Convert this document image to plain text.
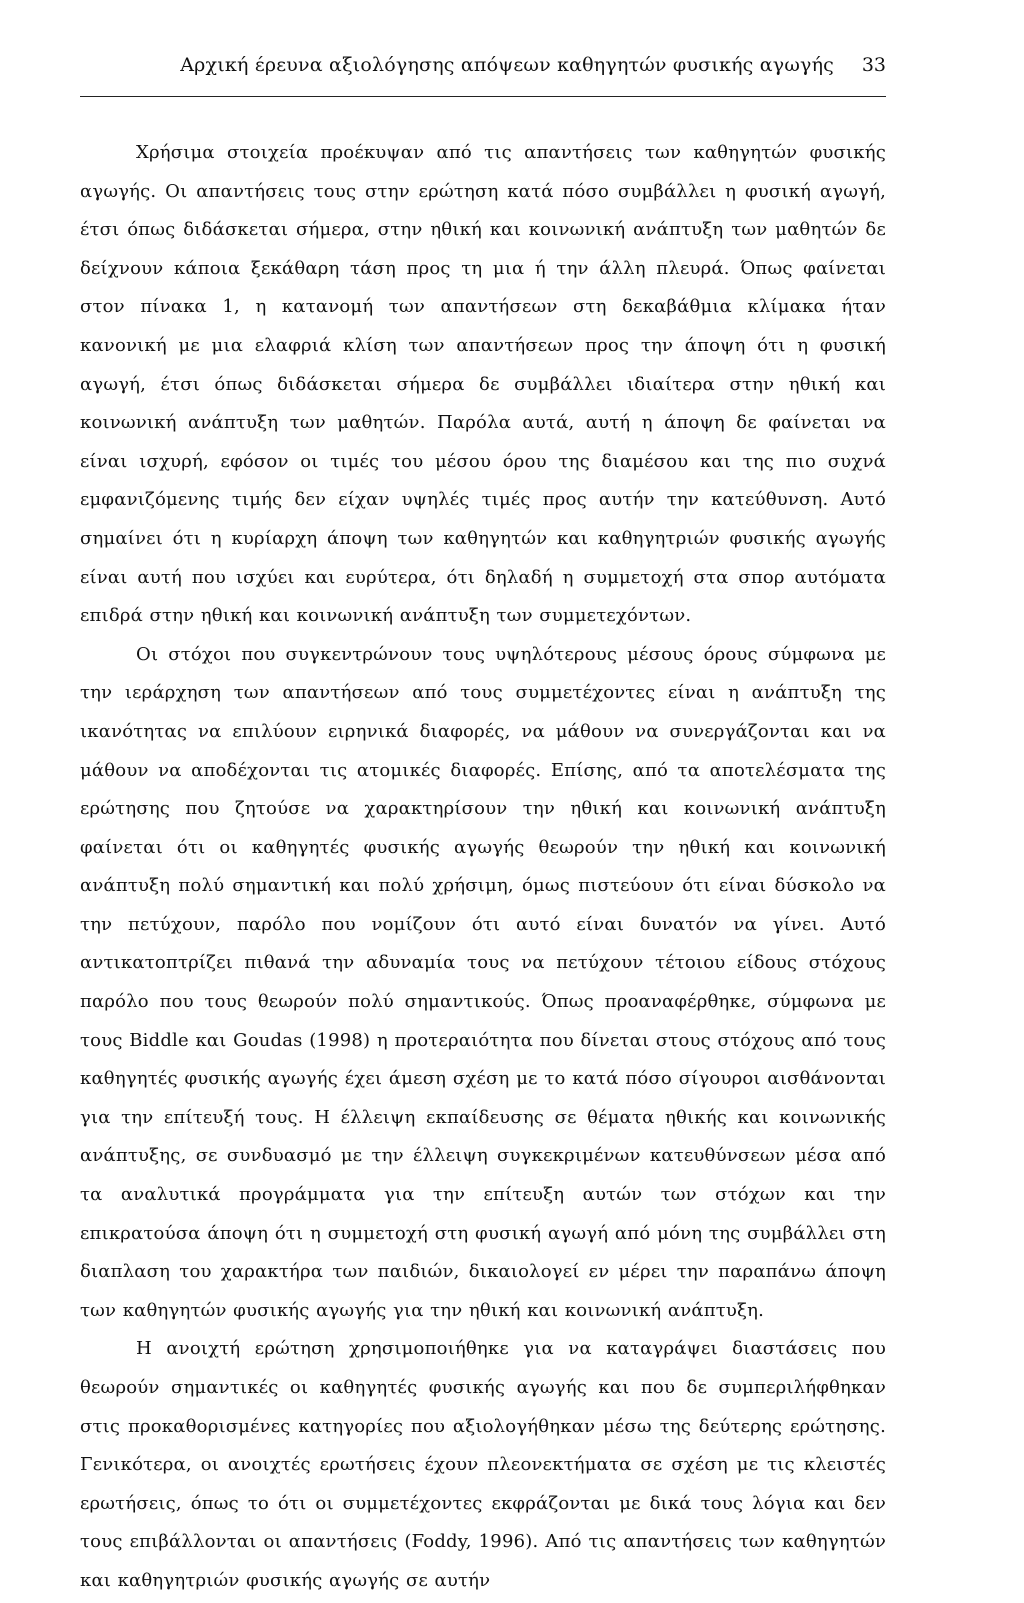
Αρχική έρευνα αξιολόγησης απόψεων καθηγητών φυσικής αγωγής 33

Χρήσιμα στοιχεία προέκυψαν από τις απαντήσεις των καθηγητών φυσικής αγωγής. Οι απαντήσεις τους στην ερώτηση κατά πόσο συμβάλλει η φυσική αγωγή, έτσι όπως διδάσκεται σήμερα, στην ηθική και κοινωνική ανάπτυξη των μαθητών δε δείχνουν κάποια ξεκάθαρη τάση προς τη μια ή την άλλη πλευρά. Όπως φαίνεται στον πίνακα 1, η κατανομή των απαντήσεων στη δεκαβάθμια κλίμακα ήταν κανονική με μια ελαφριά κλίση των απαντήσεων προς την άποψη ότι η φυσική αγωγή, έτσι όπως διδάσκεται σήμερα δε συμβάλλει ιδιαίτερα στην ηθική και κοινωνική ανάπτυξη των μαθητών. Παρόλα αυτά, αυτή η άποψη δε φαίνεται να είναι ισχυρή, εφόσον οι τιμές του μέσου όρου της διαμέσου και της πιο συχνά εμφανιζόμενης τιμής δεν είχαν υψηλές τιμές προς αυτήν την κατεύθυνση. Αυτό σημαίνει ότι η κυρίαρχη άποψη των καθηγητών και καθηγητριών φυσικής αγωγής είναι αυτή που ισχύει και ευρύτερα, ότι δηλαδή η συμμετοχή στα σπορ αυτόματα επιδρά στην ηθική και κοινωνική ανάπτυξη των συμμετεχόντων.

Οι στόχοι που συγκεντρώνουν τους υψηλότερους μέσους όρους σύμφωνα με την ιεράρχηση των απαντήσεων από τους συμμετέχοντες είναι η ανάπτυξη της ικανότητας να επιλύουν ειρηνικά διαφορές, να μάθουν να συνεργάζονται και να μάθουν να αποδέχονται τις ατομικές διαφορές. Επίσης, από τα αποτελέσματα της ερώτησης που ζητούσε να χαρακτηρίσουν την ηθική και κοινωνική ανάπτυξη φαίνεται ότι οι καθηγητές φυσικής αγωγής θεωρούν την ηθική και κοινωνική ανάπτυξη πολύ σημαντική και πολύ χρήσιμη, όμως πιστεύουν ότι είναι δύσκολο να την πετύχουν, παρόλο που νομίζουν ότι αυτό είναι δυνατόν να γίνει. Αυτό αντικατοπτρίζει πιθανά την αδυναμία τους να πετύχουν τέτοιου είδους στόχους παρόλο που τους θεωρούν πολύ σημαντικούς. Όπως προαναφέρθηκε, σύμφωνα με τους Biddle και Goudas (1998) η προτεραιότητα που δίνεται στους στόχους από τους καθηγητές φυσικής αγωγής έχει άμεση σχέση με το κατά πόσο σίγουροι αισθάνονται για την επίτευξή τους. Η έλλειψη εκπαίδευσης σε θέματα ηθικής και κοινωνικής ανάπτυξης, σε συνδυασμό με την έλλειψη συγκεκριμένων κατευθύνσεων μέσα από τα αναλυτικά προγράμματα για την επίτευξη αυτών των στόχων και την επικρατούσα άποψη ότι η συμμετοχή στη φυσική αγωγή από μόνη της συμβάλλει στη διαπλαση του χαρακτήρα των παιδιών, δικαιολογεί εν μέρει την παραπάνω άποψη των καθηγητών φυσικής αγωγής για την ηθική και κοινωνική ανάπτυξη.

Η ανοιχτή ερώτηση χρησιμοποιήθηκε για να καταγράψει διαστάσεις που θεωρούν σημαντικές οι καθηγητές φυσικής αγωγής και που δε συμπεριλήφθηκαν στις προκαθορισμένες κατηγορίες που αξιολογήθηκαν μέσω της δεύτερης ερώτησης. Γενικότερα, οι ανοιχτές ερωτήσεις έχουν πλεονεκτήματα σε σχέση με τις κλειστές ερωτήσεις, όπως το ότι οι συμμετέχοντες εκφράζονται με δικά τους λόγια και δεν τους επιβάλλονται οι απαντήσεις (Foddy, 1996). Από τις απαντήσεις των καθηγητών και καθηγητριών φυσικής αγωγής σε αυτήν
